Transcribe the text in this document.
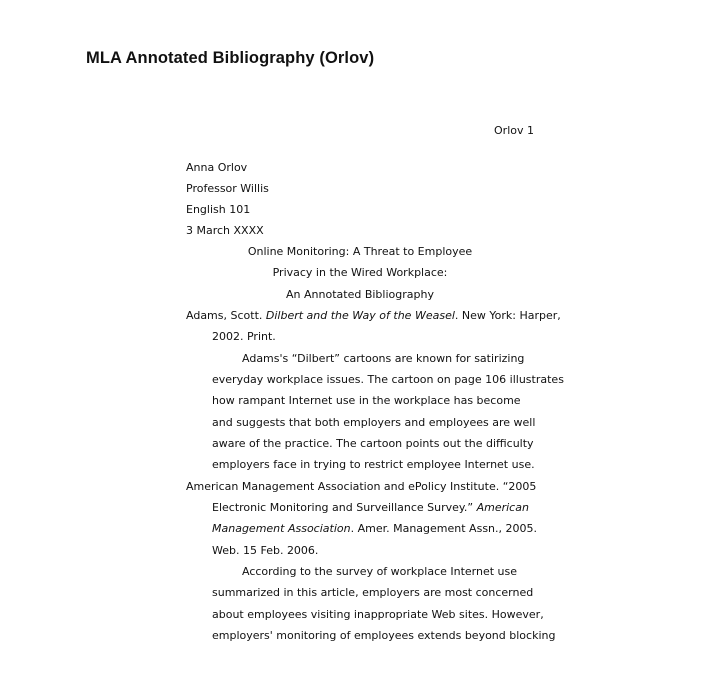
MLA Annotated Bibliography (Orlov)
Orlov 1
Anna Orlov
Professor Willis
English 101
3 March XXXX
Online Monitoring: A Threat to Employee
Privacy in the Wired Workplace:
An Annotated Bibliography
Adams, Scott. Dilbert and the Way of the Weasel. New York: Harper,
2002. Print.
Adams's “Dilbert” cartoons are known for satirizing
everyday workplace issues. The cartoon on page 106 illustrates
how rampant Internet use in the workplace has become
and suggests that both employers and employees are well
aware of the practice. The cartoon points out the difficulty
employers face in trying to restrict employee Internet use.
American Management Association and ePolicy Institute. “2005
Electronic Monitoring and Surveillance Survey.” American
Management Association. Amer. Management Assn., 2005.
Web. 15 Feb. 2006.
According to the survey of workplace Internet use
summarized in this article, employers are most concerned
about employees visiting inappropriate Web sites. However,
employers' monitoring of employees extends beyond blocking
